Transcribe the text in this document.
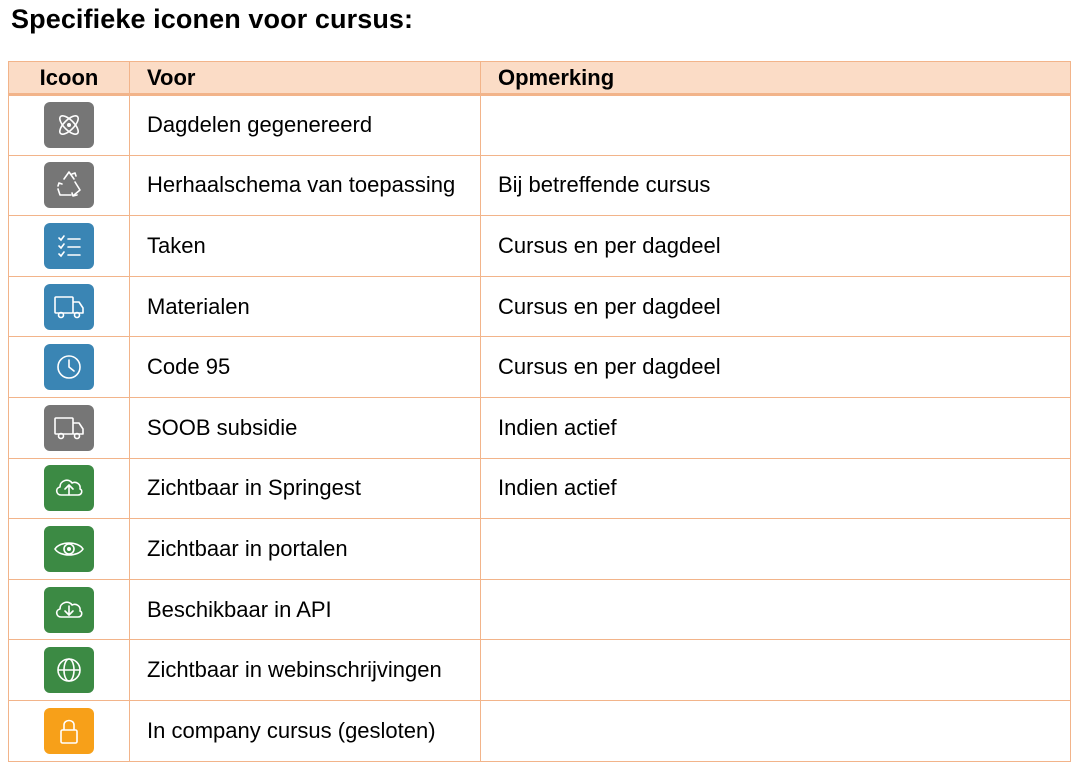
Specifieke iconen voor cursus:
Icoon	Voor	Opmerking

	Dagdelen gegenereerd	

	Herhaalschema van toepassing	Bij betreffende cursus

	Taken	Cursus en per dagdeel

	Materialen	Cursus en per dagdeel

	Code 95	Cursus en per dagdeel

	SOOB subsidie	Indien actief

	Zichtbaar in Springest	Indien actief

	Zichtbaar in portalen	

	Beschikbaar in API	

	Zichtbaar in webinschrijvingen	

	In company cursus (gesloten)	
